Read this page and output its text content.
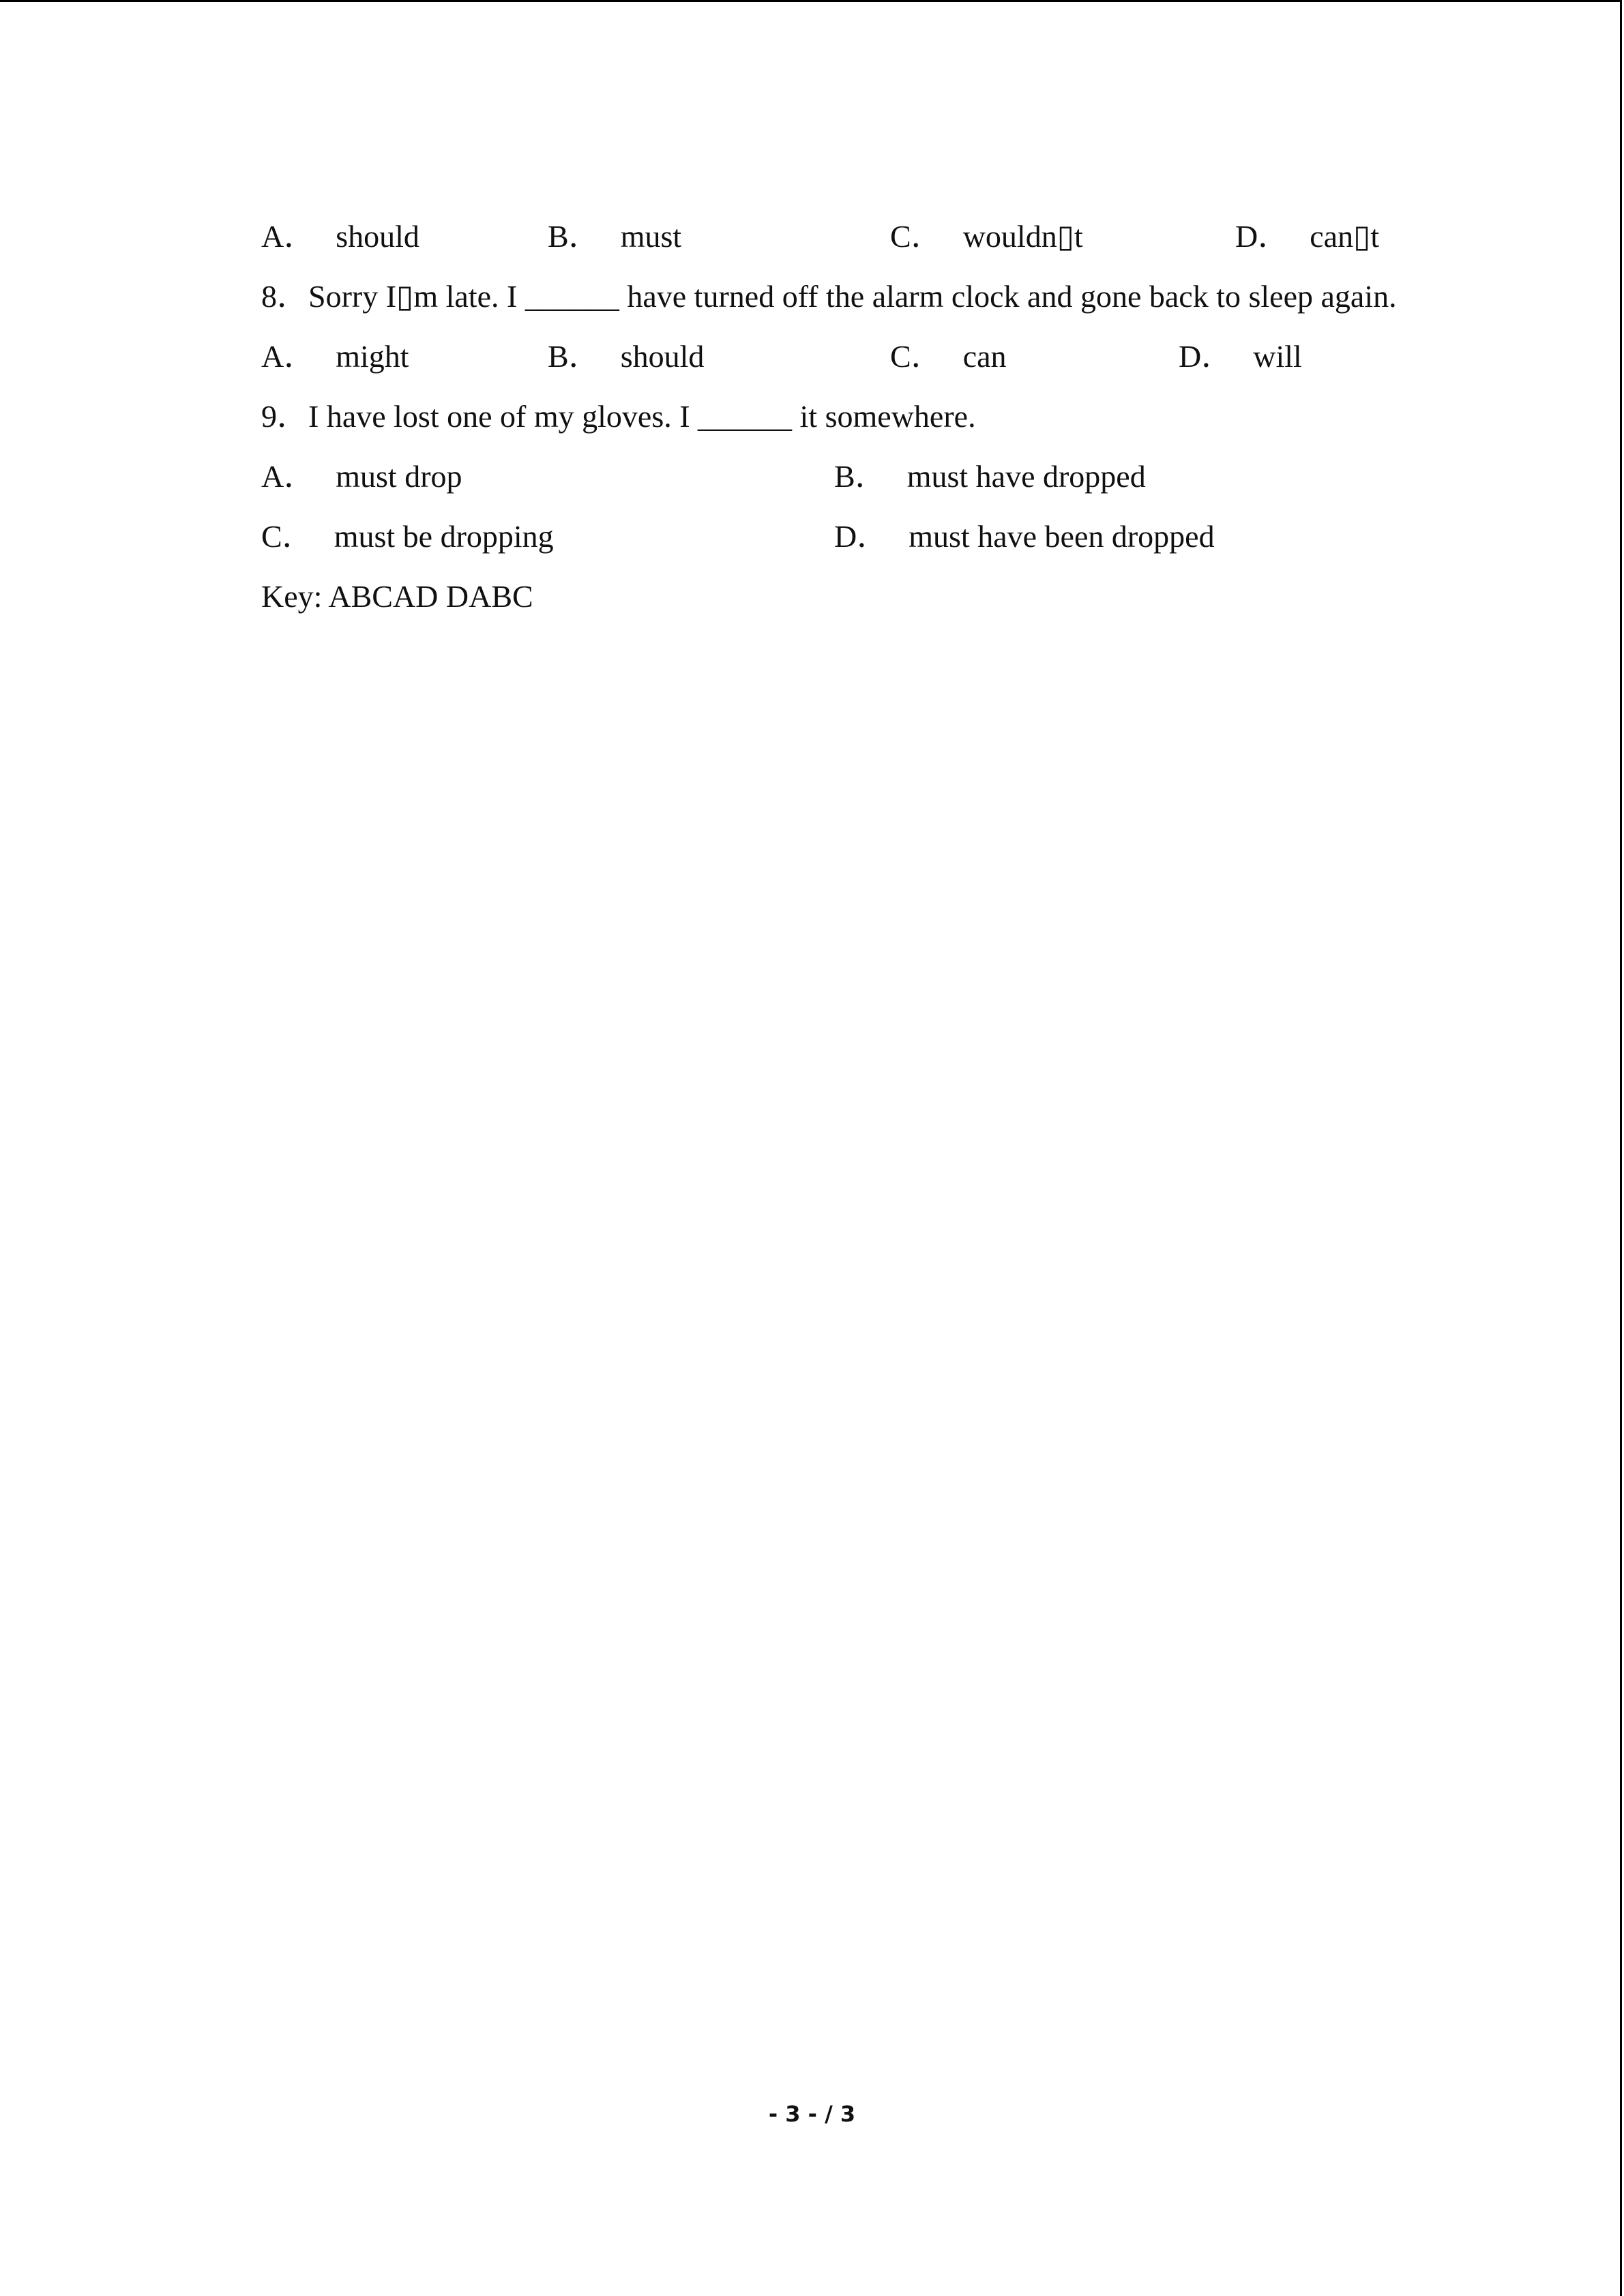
A． should	B． must	C． wouldn▯t	D． can▯t
8．Sorry I▯m late. I ______ have turned off the alarm clock and gone back to sleep again.
A． might	B． should	C． can	D． will
9．I have lost one of my gloves. I ______ it somewhere.
A． must drop	B． must have dropped
C． must be dropping	D． must have been dropped
Key: ABCAD DABC
- 3 - / 3
